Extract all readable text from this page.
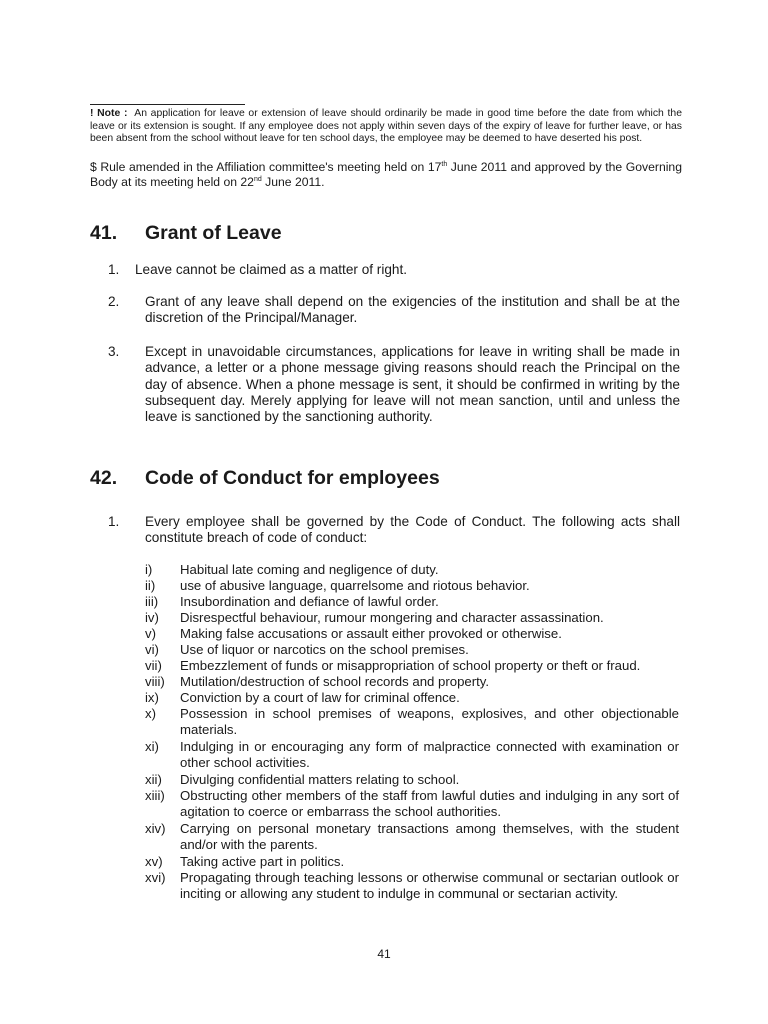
! Note : An application for leave or extension of leave should ordinarily be made in good time before the date from which the leave or its extension is sought. If any employee does not apply within seven days of the expiry of leave for further leave, or has been absent from the school without leave for ten school days, the employee may be deemed to have deserted his post.

$ Rule amended in the Affiliation committee's meeting held on 17th June 2011 and approved by the Governing Body at its meeting held on 22nd June 2011.

41. Grant of Leave
1. Leave cannot be claimed as a matter of right.
2. Grant of any leave shall depend on the exigencies of the institution and shall be at the discretion of the Principal/Manager.
3. Except in unavoidable circumstances, applications for leave in writing shall be made in advance, a letter or a phone message giving reasons should reach the Principal on the day of absence. When a phone message is sent, it should be confirmed in writing by the subsequent day. Merely applying for leave will not mean sanction, until and unless the leave is sanctioned by the sanctioning authority.
42. Code of Conduct for employees
1. Every employee shall be governed by the Code of Conduct. The following acts shall constitute breach of code of conduct:
i) Habitual late coming and negligence of duty.
ii) use of abusive language, quarrelsome and riotous behavior.
iii) Insubordination and defiance of lawful order.
iv) Disrespectful behaviour, rumour mongering and character assassination.
v) Making false accusations or assault either provoked or otherwise.
vi) Use of liquor or narcotics on the school premises.
vii) Embezzlement of funds or misappropriation of school property or theft or fraud.
viii) Mutilation/destruction of school records and property.
ix) Conviction by a court of law for criminal offence.
x) Possession in school premises of weapons, explosives, and other objectionable materials.
xi) Indulging in or encouraging any form of malpractice connected with examination or other school activities.
xii) Divulging confidential matters relating to school.
xiii) Obstructing other members of the staff from lawful duties and indulging in any sort of agitation to coerce or embarrass the school authorities.
xiv) Carrying on personal monetary transactions among themselves, with the student and/or with the parents.
xv) Taking active part in politics.
xvi) Propagating through teaching lessons or otherwise communal or sectarian outlook or inciting or allowing any student to indulge in communal or sectarian activity.
41
